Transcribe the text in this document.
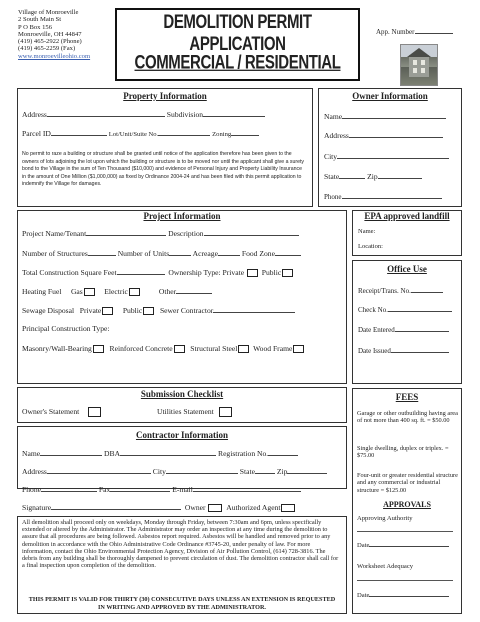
Village of Monroeville
2 South Main St
P O Box 156
Monroeville, OH 44847
(419) 465-2922 (Phone)
(419) 465-2259 (Fax)
www.monroevilleohio.com
DEMOLITION PERMIT APPLICATION
COMMERCIAL / RESIDENTIAL
App. Number
Property Information
Address	Subdivision
Parcel ID	Lot/Unit/Suite No.	Zoning
No permit to raze a building or structure shall be granted until notice of the application therefore has been given to the owners of lots adjoining the lot upon which the building or structure is to be moved nor until the applicant shall give a surety bond to the Village in the sum of Ten Thousand ($10,000) and evidence of Personal Injury and Property Liability Insurance in the amount of One Million ($1,000,000) as fixed by Ordinance 2004-24 and has been filed with this permit application to indemnify the Village for damages.
Owner Information
Name
Address
City
State	Zip
Phone
Project Information
Project Name/Tenant	Description
Number of Structures	Number of Units	Acreage	Food Zone
Total Construction Square Feet	Ownership Type: Private Public
Heating Fuel Gas	Electric	Other
Sewage Disposal Private	Public Sewer Contractor
Principal Construction Type:
Masonry/Wall-Bearing Reinforced Concrete Structural Steel Wood Frame
EPA approved landfill
Name:
Location:
Office Use
Receipt/Trans. No.
Check No.
Date Entered
Date Issued
Submission Checklist
Owner's Statement	Utilities Statement
Contractor Information
Name	DBA	Registration No.
Address	City	State	Zip
Phone	Fax	E-mail
Signature	Owner	Authorized Agent
All demolition shall proceed only on weekdays, Monday through Friday, between 7:30am and 6pm, unless specifically extended or altered by the Administrator. The Administrator may order an inspection at any time during the demolition to assure that all procedures are being followed. Asbestos report required. Asbestos will be handled and removed prior to any demolition in accordance with the Ohio Administrative Code Ordinance #3745-20, under penalty of law. For more information, contact the Ohio Environmental Protection Agency, Division of Air Pollution Control, (614) 728-3816. The debris from any building shall be thoroughly dampened to prevent circulation of dust. The demolition contractor shall call for a final inspection upon completion of the demolition.
THIS PERMIT IS VALID FOR THIRTY (30) CONSECUTIVE DAYS UNLESS AN EXTENSION IS REQUESTED IN WRITING AND APPROVED BY THE ADMINISTRATOR.
FEES
Garage or other outbuilding having area of not more than 400 sq. ft. = $50.00
Single dwelling, duplex or triplex. = $75.00
Four-unit or greater residential structure and any commercial or industrial structure = $125.00
APPROVALS
Approving Authority
Date
Worksheet Adequacy
Date
